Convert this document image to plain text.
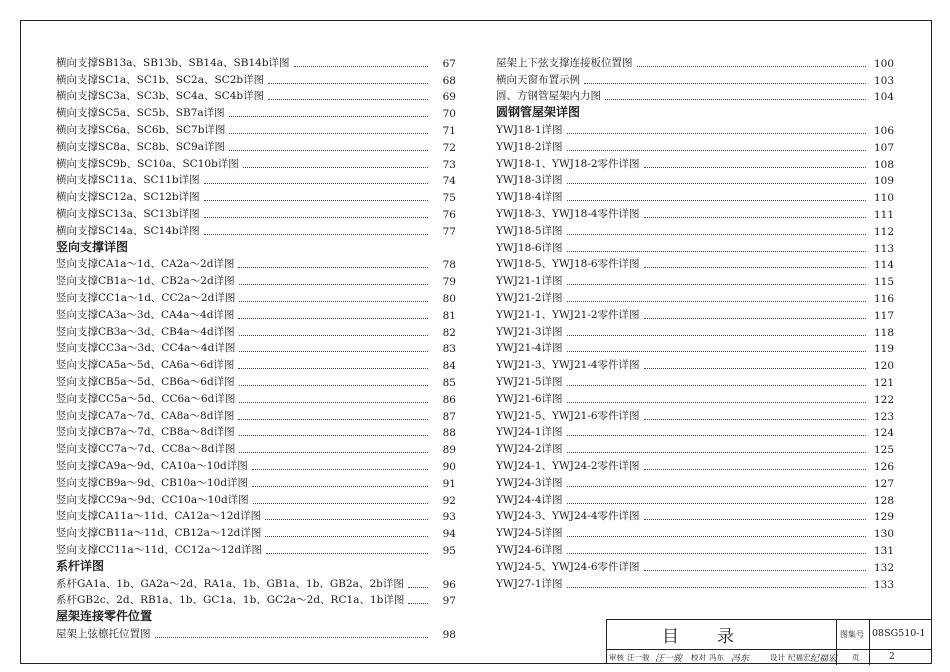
横向支撑SB13a、SB13b、SB14a、SB14b详图	67
横向支撑SC1a、SC1b、SC2a、SC2b详图	68
横向支撑SC3a、SC3b、SC4a、SC4b详图	69
横向支撑SC5a、SC5b、SB7a详图	70
横向支撑SC6a、SC6b、SC7b详图	71
横向支撑SC8a、SC8b、SC9a详图	72
横向支撑SC9b、SC10a、SC10b详图	73
横向支撑SC11a、SC11b详图	74
横向支撑SC12a、SC12b详图	75
横向支撑SC13a、SC13b详图	76
横向支撑SC14a、SC14b详图	77
竖向支撑详图
竖向支撑CA1a～1d、CA2a～2d详图	78
竖向支撑CB1a～1d、CB2a～2d详图	79
竖向支撑CC1a～1d、CC2a～2d详图	80
竖向支撑CA3a～3d、CA4a～4d详图	81
竖向支撑CB3a～3d、CB4a～4d详图	82
竖向支撑CC3a～3d、CC4a～4d详图	83
竖向支撑CA5a～5d、CA6a～6d详图	84
竖向支撑CB5a～5d、CB6a～6d详图	85
竖向支撑CC5a～5d、CC6a～6d详图	86
竖向支撑CA7a～7d、CA8a～8d详图	87
竖向支撑CB7a～7d、CB8a～8d详图	88
竖向支撑CC7a～7d、CC8a～8d详图	89
竖向支撑CA9a～9d、CA10a～10d详图	90
竖向支撑CB9a～9d、CB10a～10d详图	91
竖向支撑CC9a～9d、CC10a～10d详图	92
竖向支撑CA11a～11d、CA12a～12d详图	93
竖向支撑CB11a～11d、CB12a～12d详图	94
竖向支撑CC11a～11d、CC12a～12d详图	95
系杆详图
系杆GA1a、1b、GA2a～2d、RA1a、1b、GB1a、1b、GB2a、2b详图	96
系杆GB2c、2d、RB1a、1b、GC1a、1b、GC2a～2d、RC1a、1b详图	97
屋架连接零件位置
屋架上弦檩托位置图	98
屋架上下弦支撑连接板位置图	100
横向天窗布置示例	103
圆、方钢管屋架内力图	104
圆钢管屋架详图
YWJ18-1详图	106
YWJ18-2详图	107
YWJ18-1、YWJ18-2零件详图	108
YWJ18-3详图	109
YWJ18-4详图	110
YWJ18-3、YWJ18-4零件详图	111
YWJ18-5详图	112
YWJ18-6详图	113
YWJ18-5、YWJ18-6零件详图	114
YWJ21-1详图	115
YWJ21-2详图	116
YWJ21-1、YWJ21-2零件详图	117
YWJ21-3详图	118
YWJ21-4详图	119
YWJ21-3、YWJ21-4零件详图	120
YWJ21-5详图	121
YWJ21-6详图	122
YWJ21-5、YWJ21-6零件详图	123
YWJ24-1详图	124
YWJ24-2详图	125
YWJ24-1、YWJ24-2零件详图	126
YWJ24-3详图	127
YWJ24-4详图	128
YWJ24-3、YWJ24-4零件详图	129
YWJ24-5详图	130
YWJ24-6详图	131
YWJ24-5、YWJ24-6零件详图	132
YWJ27-1详图	133
目录	图集号 08SG510-1
审核 汪一骏 汪一骏 校对 冯东 冯东	设计 纪福宏 纪福宏 页	2
